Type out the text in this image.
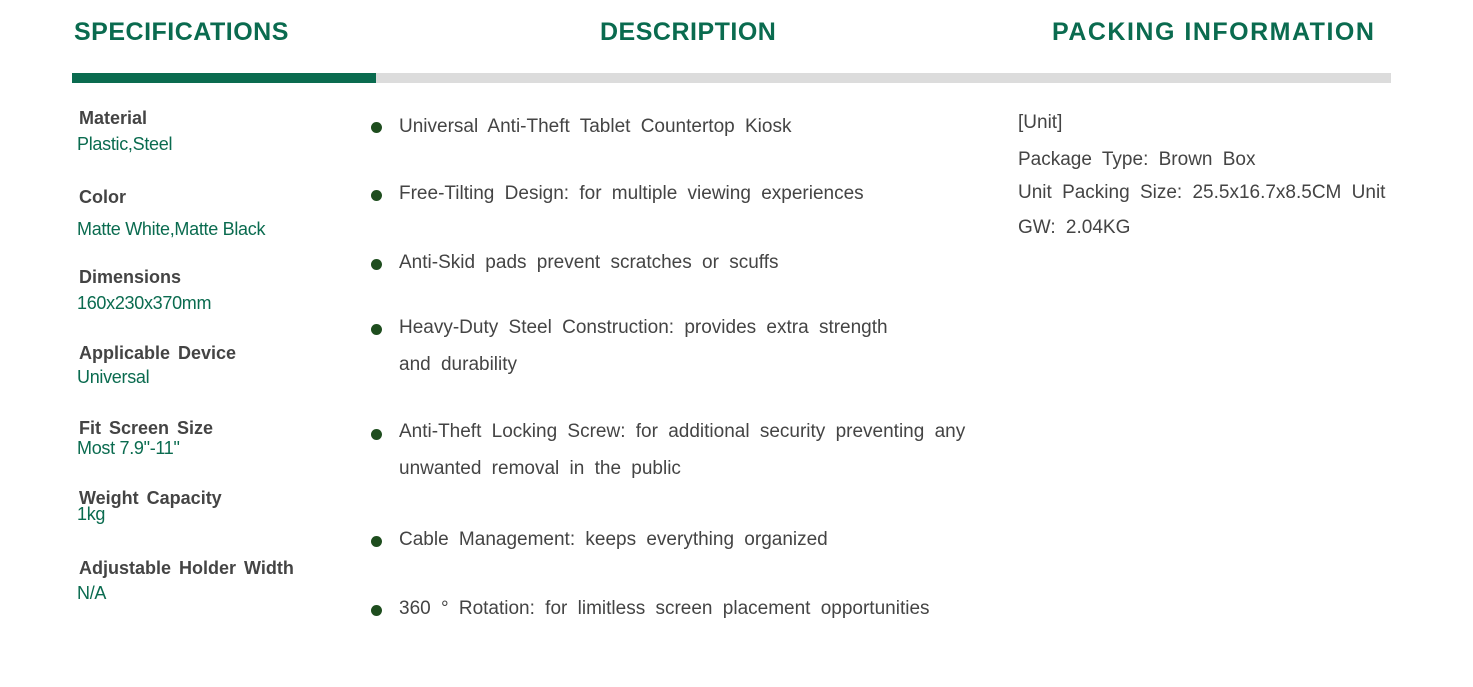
SPECIFICATIONS	DESCRIPTION	PACKING INFORMATION
Material
Plastic,Steel
Color
Matte White,Matte Black
Dimensions
160x230x370mm
Applicable Device
Universal
Fit Screen Size
Most 7.9"-11"
Weight Capacity
1kg
Adjustable Holder Width
N/A
Universal Anti-Theft Tablet Countertop Kiosk
Free-Tilting Design: for multiple viewing experiences
Anti-Skid pads prevent scratches or scuffs
Heavy-Duty Steel Construction: provides extra strength
and durability
Anti-Theft Locking Screw: for additional security preventing any
unwanted removal in the public
Cable Management: keeps everything organized
360 ° Rotation: for limitless screen placement opportunities
[Unit]
Package Type: Brown Box
Unit Packing Size: 25.5x16.7x8.5CM Unit
GW: 2.04KG
